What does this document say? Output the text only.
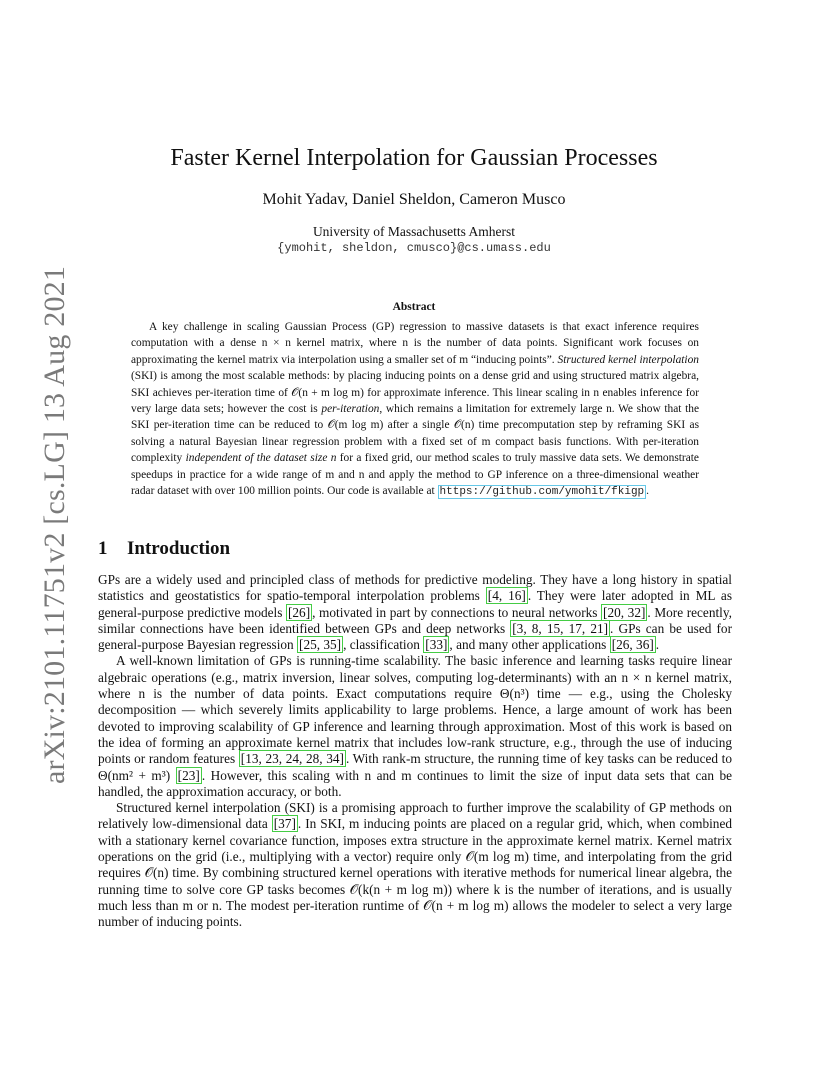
arXiv:2101.11751v2 [cs.LG] 13 Aug 2021
Faster Kernel Interpolation for Gaussian Processes
Mohit Yadav, Daniel Sheldon, Cameron Musco
University of Massachusetts Amherst
{ymohit, sheldon, cmusco}@cs.umass.edu
Abstract

A key challenge in scaling Gaussian Process (GP) regression to massive datasets is that exact inference requires computation with a dense n × n kernel matrix, where n is the number of data points. Significant work focuses on approximating the kernel matrix via interpolation using a smaller set of m “inducing points”. Structured kernel interpolation (SKI) is among the most scalable methods: by placing inducing points on a dense grid and using structured matrix algebra, SKI achieves per-iteration time of 𝒪(n + m log m) for approximate inference. This linear scaling in n enables inference for very large data sets; however the cost is per-iteration, which remains a limitation for extremely large n. We show that the SKI per-iteration time can be reduced to 𝒪(m log m) after a single 𝒪(n) time precomputation step by reframing SKI as solving a natural Bayesian linear regression problem with a fixed set of m compact basis functions. With per-iteration complexity independent of the dataset size n for a fixed grid, our method scales to truly massive data sets. We demonstrate speedups in practice for a wide range of m and n and apply the method to GP inference on a three-dimensional weather radar dataset with over 100 million points. Our code is available at https://github.com/ymohit/fkigp .

1 Introduction

GPs are a widely used and principled class of methods for predictive modeling. They have a long history in spatial statistics and geostatistics for spatio-temporal interpolation problems [4, 16] . They were later adopted in ML as general-purpose predictive models [26] , motivated in part by connections to neural networks [20, 32] . More recently, similar connections have been identified between GPs and deep networks [3, 8, 15, 17, 21] . GPs can be used for general-purpose Bayesian regression [25, 35] , classification [33] , and many other applications [26, 36] .

A well-known limitation of GPs is running-time scalability. The basic inference and learning tasks require linear algebraic operations (e.g., matrix inversion, linear solves, computing log-determinants) with an n × n kernel matrix, where n is the number of data points. Exact computations require Θ(n³) time — e.g., using the Cholesky decomposition — which severely limits applicability to large problems. Hence, a large amount of work has been devoted to improving scalability of GP inference and learning through approximation. Most of this work is based on the idea of forming an approximate kernel matrix that includes low-rank structure, e.g., through the use of inducing points or random features [13, 23, 24, 28, 34] . With rank-m structure, the running time of key tasks can be reduced to Θ(nm² + m³) [23] . However, this scaling with n and m continues to limit the size of input data sets that can be handled, the approximation accuracy, or both.

Structured kernel interpolation (SKI) is a promising approach to further improve the scalability of GP methods on relatively low-dimensional data [37] . In SKI, m inducing points are placed on a regular grid, which, when combined with a stationary kernel covariance function, imposes extra structure in the approximate kernel matrix. Kernel matrix operations on the grid (i.e., multiplying with a vector) require only 𝒪(m log m) time, and interpolating from the grid requires 𝒪(n) time. By combining structured kernel operations with iterative methods for numerical linear algebra, the running time to solve core GP tasks becomes 𝒪(k(n + m log m)) where k is the number of iterations, and is usually much less than m or n. The modest per-iteration runtime of 𝒪(n + m log m) allows the modeler to select a very large number of inducing points.
